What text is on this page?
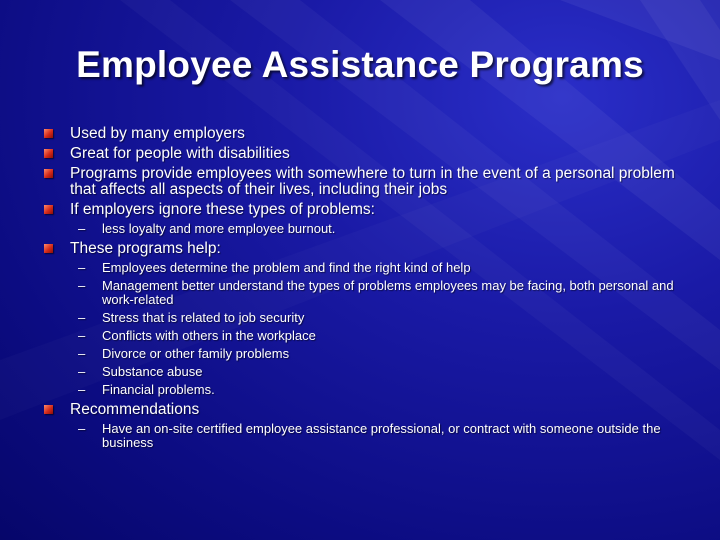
Employee Assistance Programs
Used by many employers
Great for people with disabilities
Programs provide employees with somewhere to turn in the event of a personal problem that affects all aspects of their lives, including their jobs
If employers ignore these types of problems:
– less loyalty and more employee burnout.
These programs help:
– Employees determine the problem and find the right kind of help
– Management better understand the types of problems employees may be facing, both personal and work-related
– Stress that is related to job security
– Conflicts with others in the workplace
– Divorce or other family problems
– Substance abuse
– Financial problems.
Recommendations
– Have an on-site certified employee assistance professional, or contract with someone outside the business
